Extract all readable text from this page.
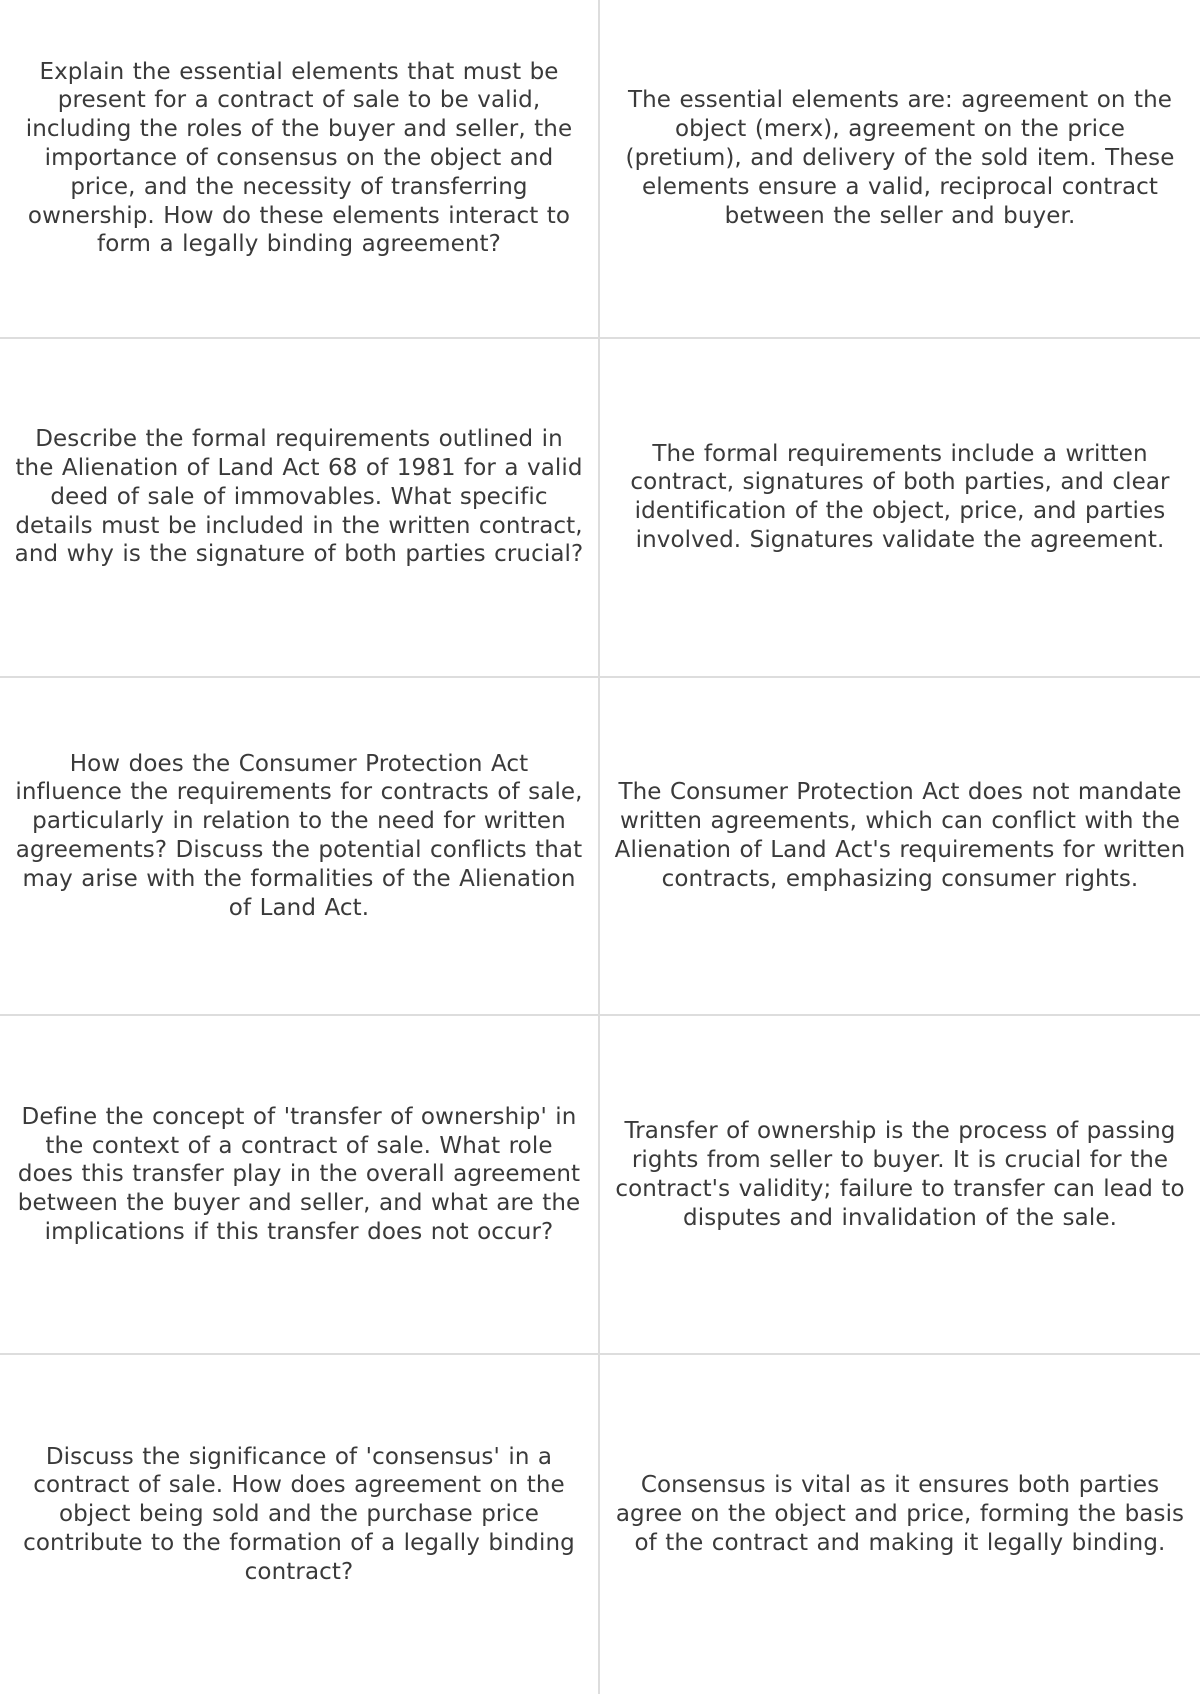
Explain the essential elements that must be present for a contract of sale to be valid, including the roles of the buyer and seller, the importance of consensus on the object and price, and the necessity of transferring ownership. How do these elements interact to form a legally binding agreement?

The essential elements are: agreement on the object (merx), agreement on the price (pretium), and delivery of the sold item. These elements ensure a valid, reciprocal contract between the seller and buyer.

Describe the formal requirements outlined in the Alienation of Land Act 68 of 1981 for a valid deed of sale of immovables. What specific details must be included in the written contract, and why is the signature of both parties crucial?

The formal requirements include a written contract, signatures of both parties, and clear identification of the object, price, and parties involved. Signatures validate the agreement.

How does the Consumer Protection Act influence the requirements for contracts of sale, particularly in relation to the need for written agreements? Discuss the potential conflicts that may arise with the formalities of the Alienation of Land Act.

The Consumer Protection Act does not mandate written agreements, which can conflict with the Alienation of Land Act's requirements for written contracts, emphasizing consumer rights.

Define the concept of 'transfer of ownership' in the context of a contract of sale. What role does this transfer play in the overall agreement between the buyer and seller, and what are the implications if this transfer does not occur?

Transfer of ownership is the process of passing rights from seller to buyer. It is crucial for the contract's validity; failure to transfer can lead to disputes and invalidation of the sale.

Discuss the significance of 'consensus' in a contract of sale. How does agreement on the object being sold and the purchase price contribute to the formation of a legally binding contract?

Consensus is vital as it ensures both parties agree on the object and price, forming the basis of the contract and making it legally binding.
